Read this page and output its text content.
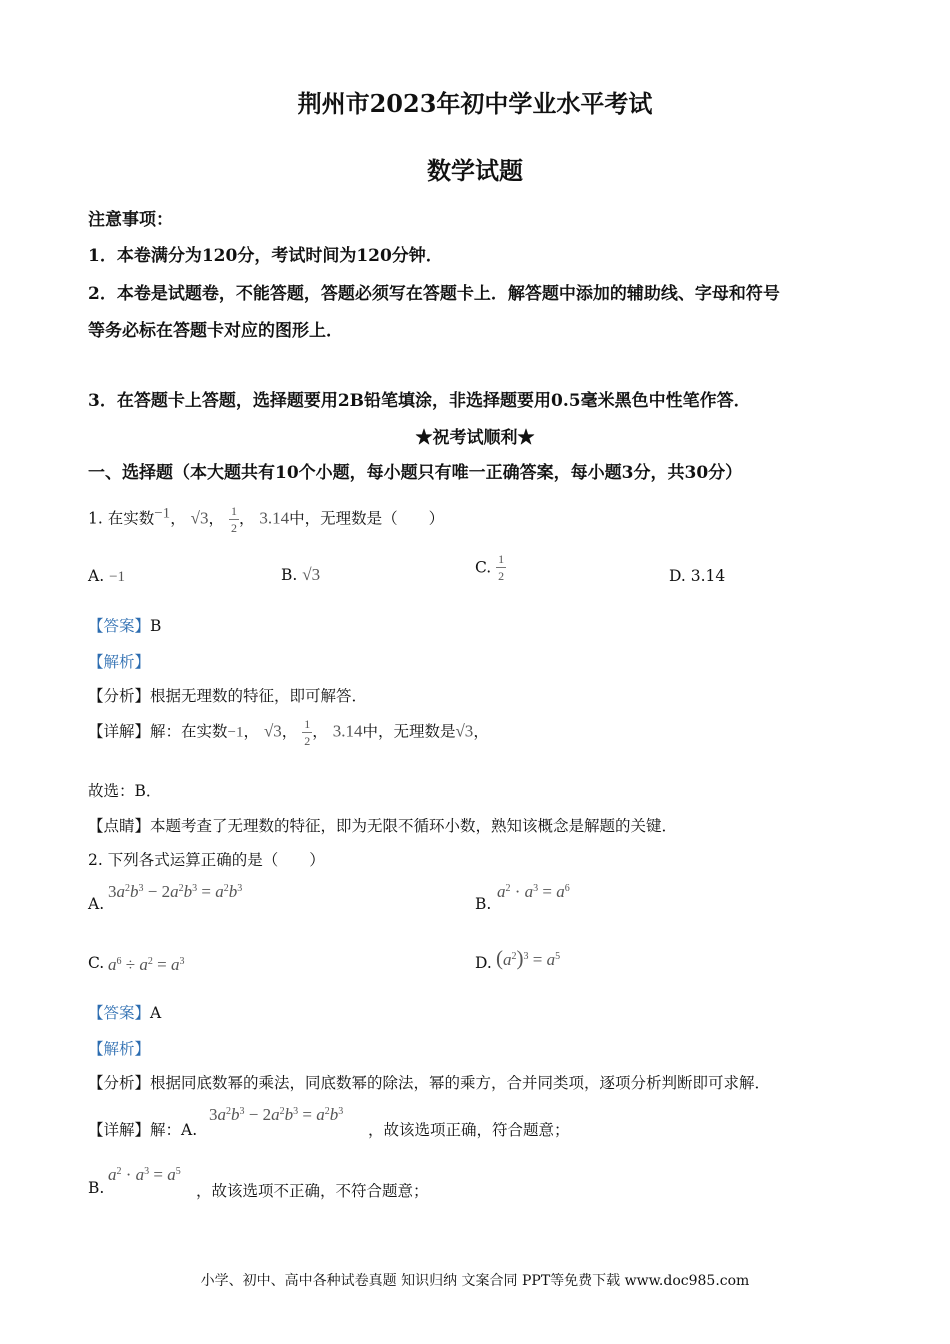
荆州市2023年初中学业水平考试
数学试题
注意事项：
1．本卷满分为120分，考试时间为120分钟．
2．本卷是试题卷，不能答题，答题必须写在答题卡上．解答题中添加的辅助线、字母和符号
等务必标在答题卡对应的图形上．
3．在答题卡上答题，选择题要用2B铅笔填涂，非选择题要用0.5毫米黑色中性笔作答．
★祝考试顺利★
一、选择题（本大题共有10个小题，每小题只有唯一正确答案，每小题3分，共30分）
1. 在实数$^{-1}$， √3， $\frac{1}{2}$ ， 3.14中，无理数是（　　）
A. −1	B. √3	C. $\frac{1}{2}$	D. 3.14
【答案】B
【解析】
【分析】根据无理数的特征，即可解答．
【详解】解：在实数−1， √3， $\frac{1}{2}$ ， 3.14中，无理数是√3，
故选：B．
【点睛】本题考查了无理数的特征，即为无限不循环小数，熟知该概念是解题的关键．
2. 下列各式运算正确的是（　　）
A.
$3a^2b^3 - 2a^2b^3 = a^2b^3$
B.
$a^2 \cdot a^3 = a^6$
C. $a^6 \div a^2 = a^3$	D. $(a^2)^3 = a^5$
【答案】A
【解析】
【分析】根据同底数幂的乘法，同底数幂的除法，幂的乘方，合并同类项，逐项分析判断即可求解．
【详解】解：A.
$3a^2b^3 - 2a^2b^3 = a^2b^3$
，故该选项正确，符合题意；
B.
$a^2 \cdot a^3 = a^5$
，故该选项不正确，不符合题意；
小学、初中、高中各种试卷真题 知识归纳 文案合同 PPT等免费下载 www.doc985.com
